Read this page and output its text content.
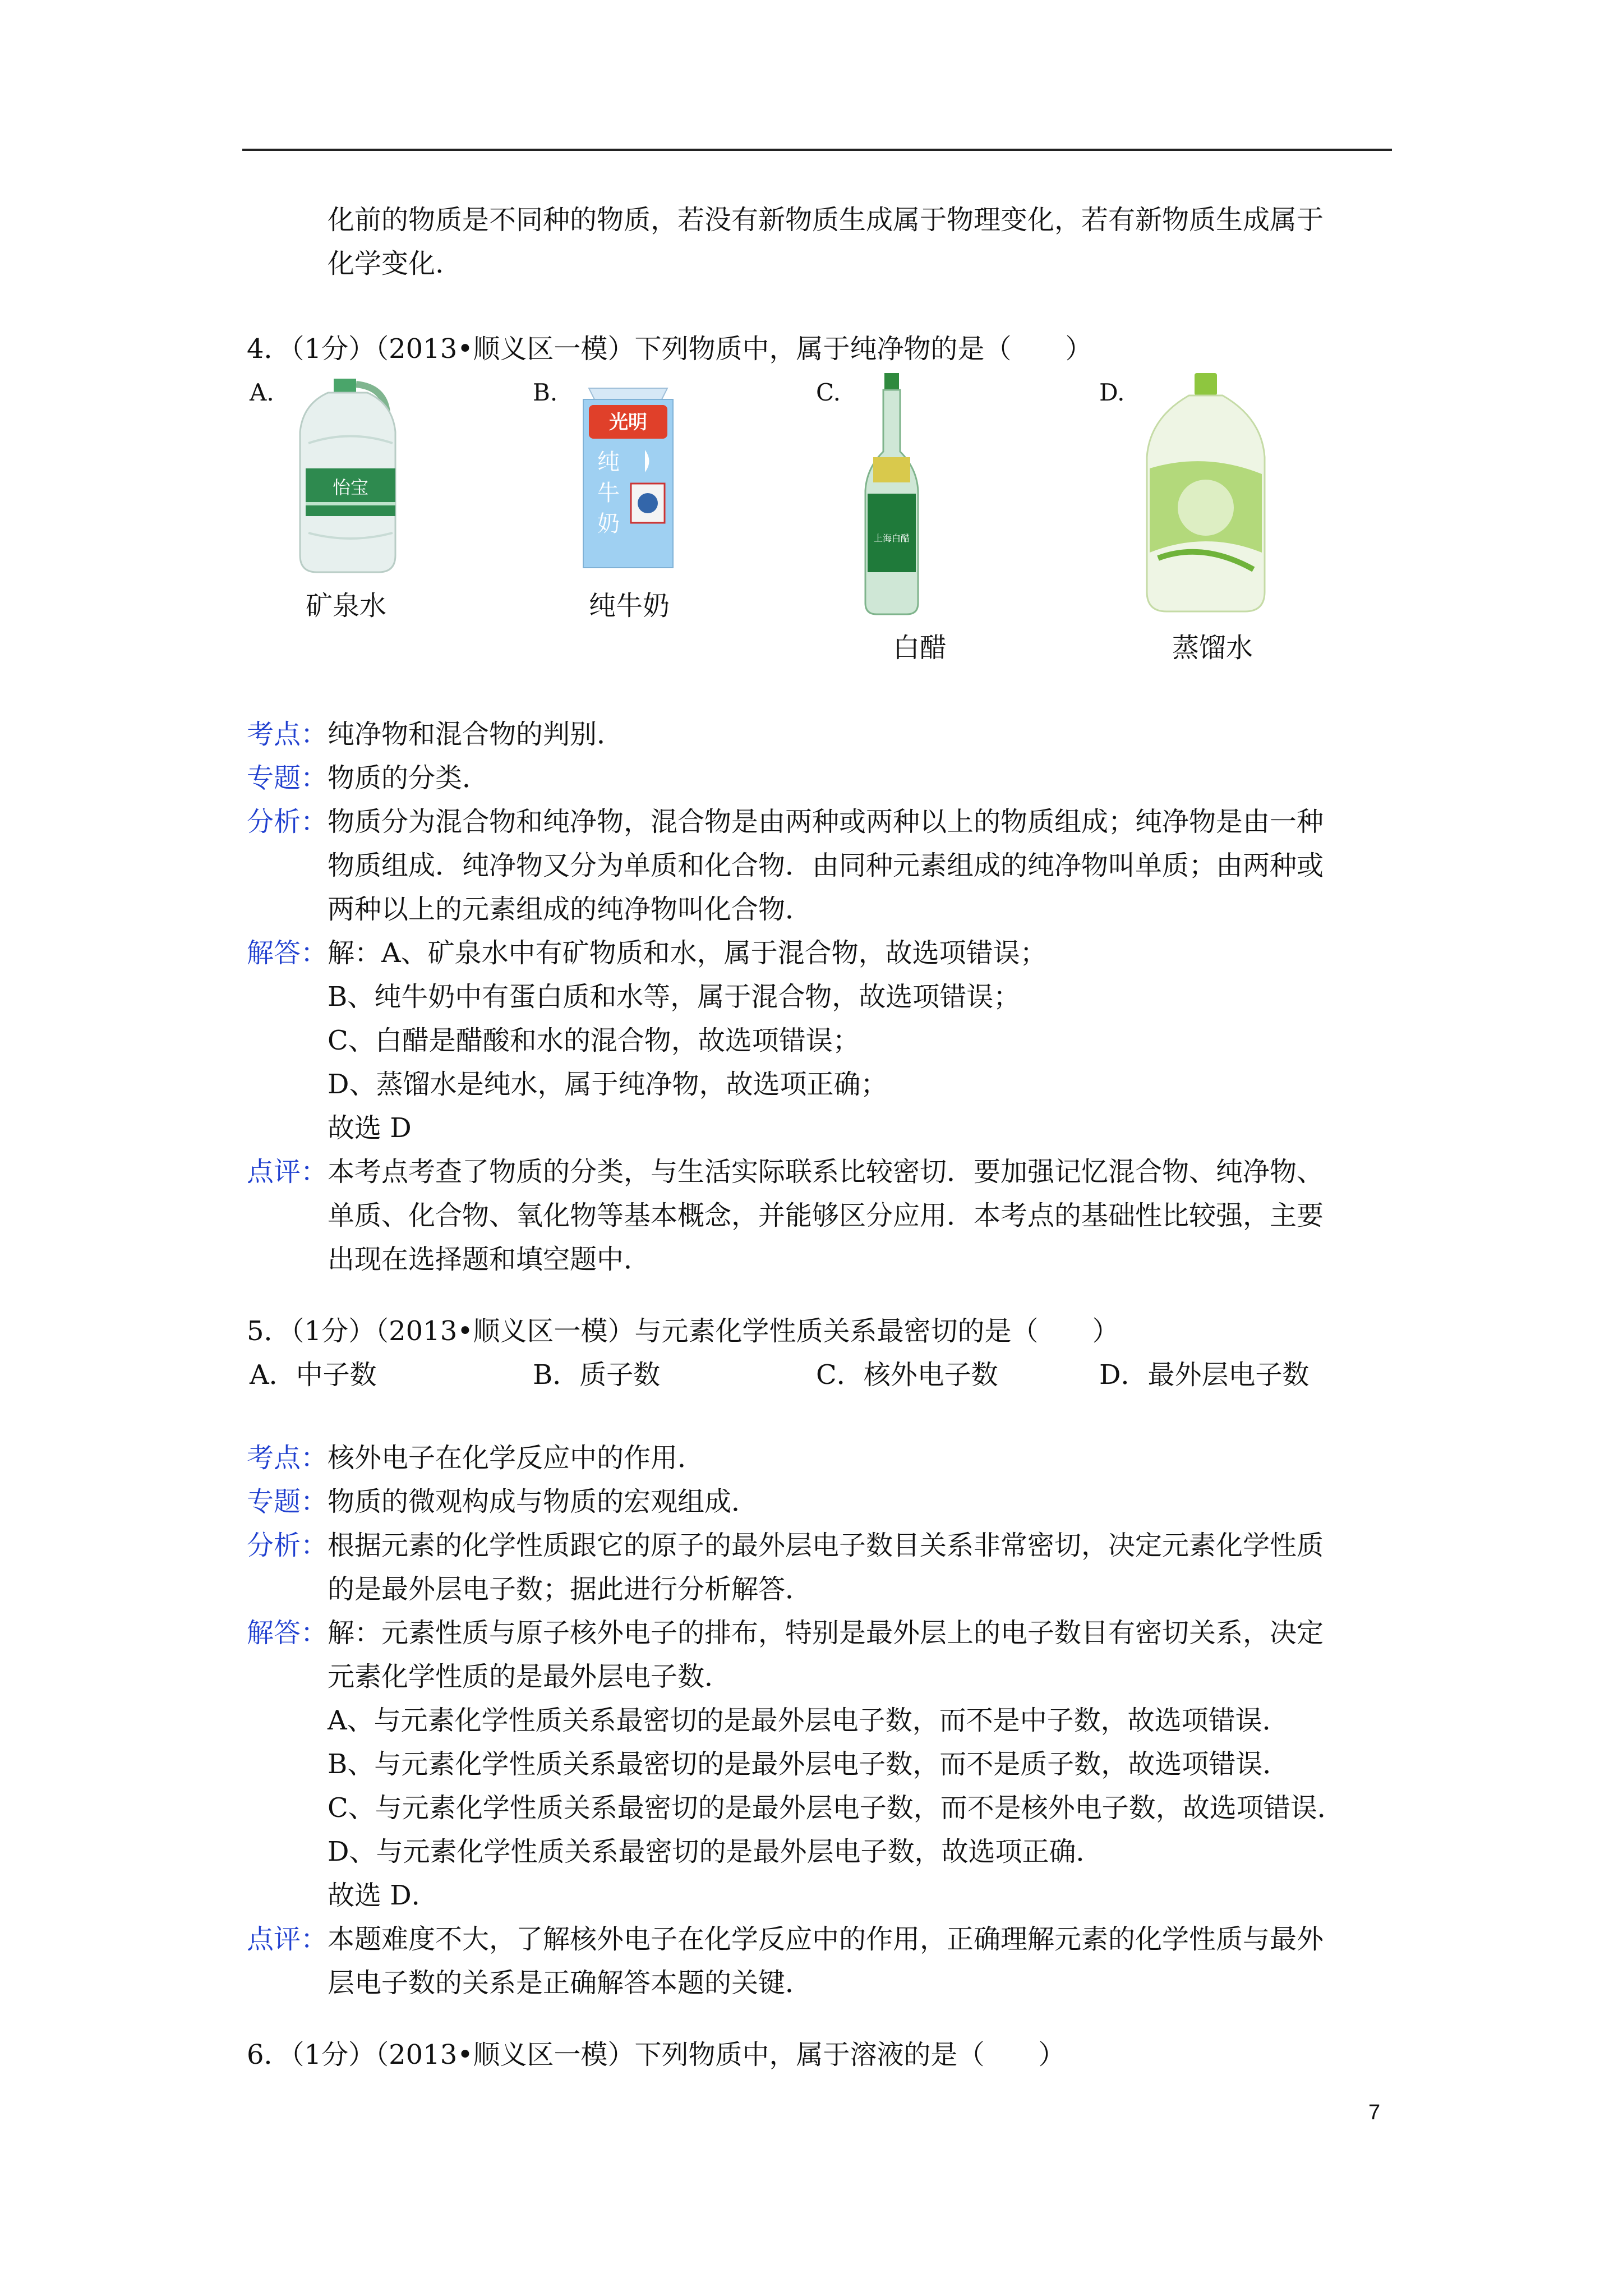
化前的物质是不同种的物质，若没有新物质生成属于物理变化，若有新物质生成属于
化学变化.
4．（1分）（2013•顺义区一模）下列物质中，属于纯净物的是（　　）
A.	B.	C.	D.
怡宝
矿泉水
光明
纯
牛
奶
纯牛奶
上海白醋
白醋	蒸馏水
考点：纯净物和混合物的判别．
专题：物质的分类．
分析：物质分为混合物和纯净物，混合物是由两种或两种以上的物质组成；纯净物是由一种
物质组成．纯净物又分为单质和化合物．由同种元素组成的纯净物叫单质；由两种或
两种以上的元素组成的纯净物叫化合物．
解答：解：A、矿泉水中有矿物质和水，属于混合物，故选项错误；
B、纯牛奶中有蛋白质和水等，属于混合物，故选项错误；
C、白醋是醋酸和水的混合物，故选项错误；
D、蒸馏水是纯水，属于纯净物，故选项正确；
故选 D
点评：本考点考查了物质的分类，与生活实际联系比较密切．要加强记忆混合物、纯净物、
单质、化合物、氧化物等基本概念，并能够区分应用．本考点的基础性比较强，主要
出现在选择题和填空题中．
5．（1分）（2013•顺义区一模）与元素化学性质关系最密切的是（　　）
A．中子数	B．质子数	C．核外电子数	D．最外层电子数
考点：核外电子在化学反应中的作用．
专题：物质的微观构成与物质的宏观组成．
分析：根据元素的化学性质跟它的原子的最外层电子数目关系非常密切，决定元素化学性质
的是最外层电子数；据此进行分析解答．
解答：解：元素性质与原子核外电子的排布，特别是最外层上的电子数目有密切关系，决定
元素化学性质的是最外层电子数．
A、与元素化学性质关系最密切的是最外层电子数，而不是中子数，故选项错误．
B、与元素化学性质关系最密切的是最外层电子数，而不是质子数，故选项错误．
C、与元素化学性质关系最密切的是最外层电子数，而不是核外电子数，故选项错误．
D、与元素化学性质关系最密切的是最外层电子数，故选项正确．
故选 D．
点评：本题难度不大，了解核外电子在化学反应中的作用，正确理解元素的化学性质与最外
层电子数的关系是正确解答本题的关键．
6．（1分）（2013•顺义区一模）下列物质中，属于溶液的是（　　）
7
